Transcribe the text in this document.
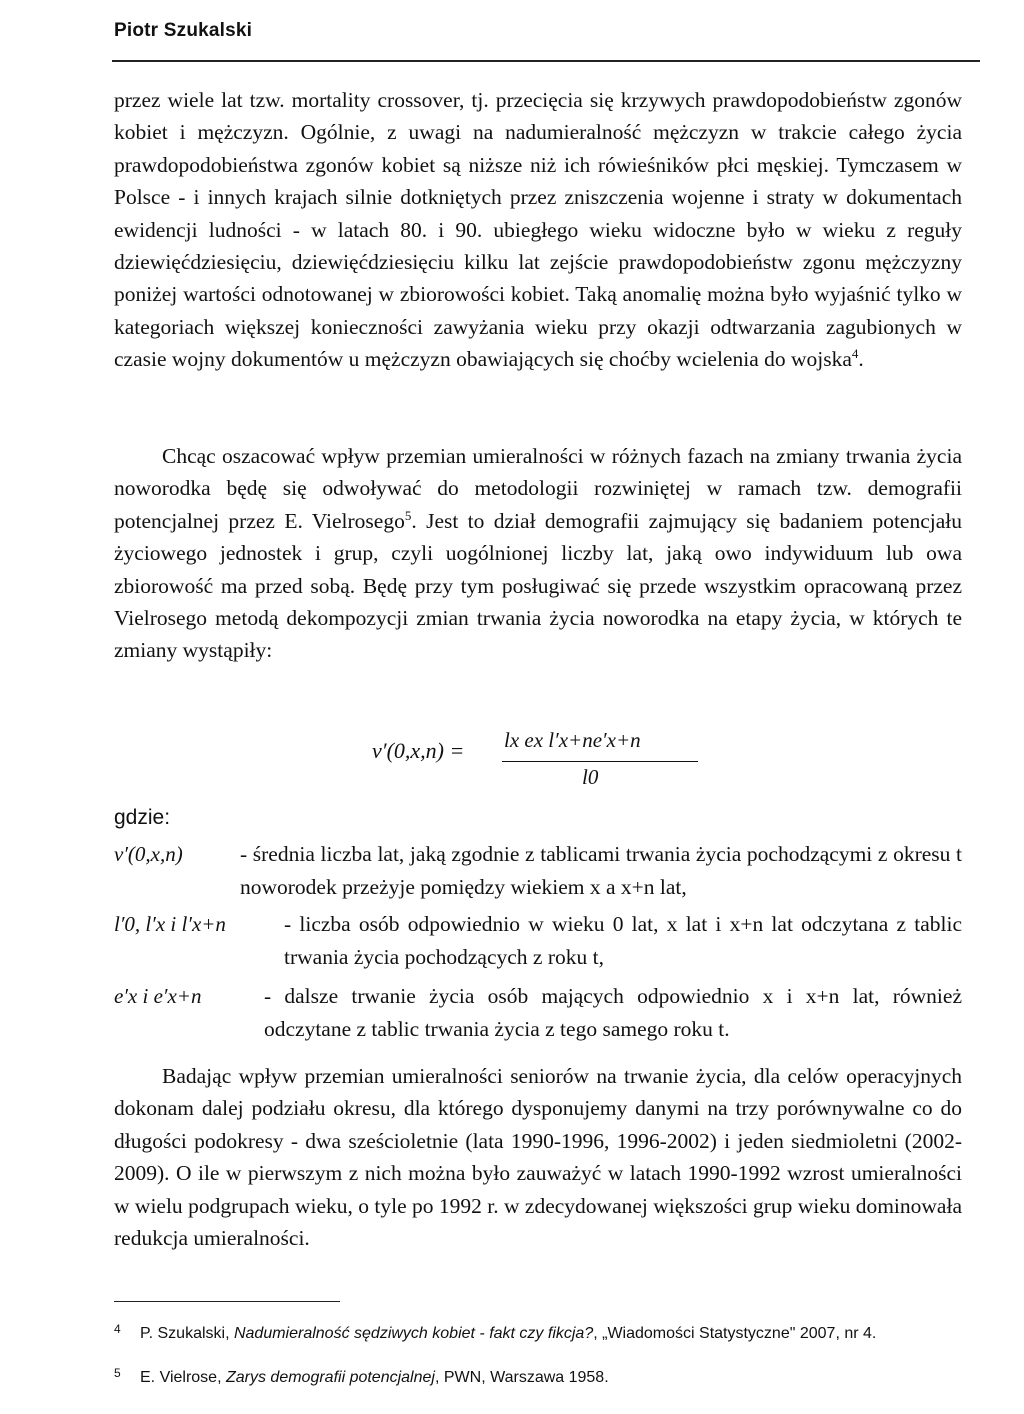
Piotr Szukalski

przez wiele lat tzw. mortality crossover, tj. przecięcia się krzywych prawdopodobieństw zgonów kobiet i mężczyzn. Ogólnie, z uwagi na nadumieralność mężczyzn w trakcie całego życia prawdopodobieństwa zgonów kobiet są niższe niż ich rówieśników płci męskiej. Tymczasem w Polsce - i innych krajach silnie dotkniętych przez zniszczenia wojenne i straty w dokumentach ewidencji ludności - w latach 80. i 90. ubiegłego wieku widoczne było w wieku z reguły dziewięćdziesięciu, dziewięćdziesięciu kilku lat zejście prawdopodobieństw zgonu mężczyzny poniżej wartości odnotowanej w zbiorowości kobiet. Taką anomalię można było wyjaśnić tylko w kategoriach większej konieczności zawyżania wieku przy okazji odtwarzania zagubionych w czasie wojny dokumentów u mężczyzn obawiających się choćby wcielenia do wojska$^4$.

Chcąc oszacować wpływ przemian umieralności w różnych fazach na zmiany trwania życia noworodka będę się odwoływać do metodologii rozwiniętej w ramach tzw. demografii potencjalnej przez E. Vielrosego$^5$. Jest to dział demografii zajmujący się badaniem potencjału życiowego jednostek i grup, czyli uogólnionej liczby lat, jaką owo indywiduum lub owa zbiorowość ma przed sobą. Będę przy tym posługiwać się przede wszystkim opracowaną przez Vielrosego metodą dekompozycji zmian trwania życia noworodka na etapy życia, w których te zmiany wystąpiły:

v′(0,x,n) = lx ex l′x+ne′x+n
l0
gdzie:
v′(0,x,n)	- średnia liczba lat, jaką zgodnie z tablicami trwania życia pochodzącymi z okresu t noworodek przeżyje pomiędzy wiekiem x a x+n lat,
l′0, l′x i l′x+n	- liczba osób odpowiednio w wieku 0 lat, x lat i x+n lat odczytana z tablic trwania życia pochodzących z roku t,
e′x i e′x+n	- dalsze trwanie życia osób mających odpowiednio x i x+n lat, również odczytane z tablic trwania życia z tego samego roku t.

Badając wpływ przemian umieralności seniorów na trwanie życia, dla celów operacyjnych dokonam dalej podziału okresu, dla którego dysponujemy danymi na trzy porównywalne co do długości podokresy - dwa sześcioletnie (lata 1990-1996, 1996-2002) i jeden siedmioletni (2002-2009). O ile w pierwszym z nich można było zauważyć w latach 1990-1992 wzrost umieralności w wielu podgrupach wieku, o tyle po 1992 r. w zdecydowanej większości grup wieku dominowała redukcja umieralności.

4 P. Szukalski, Nadumieralność sędziwych kobiet - fakt czy fikcja?, „Wiadomości Statystyczne" 2007, nr 4.
5 E. Vielrose, Zarys demografii potencjalnej, PWN, Warszawa 1958.
